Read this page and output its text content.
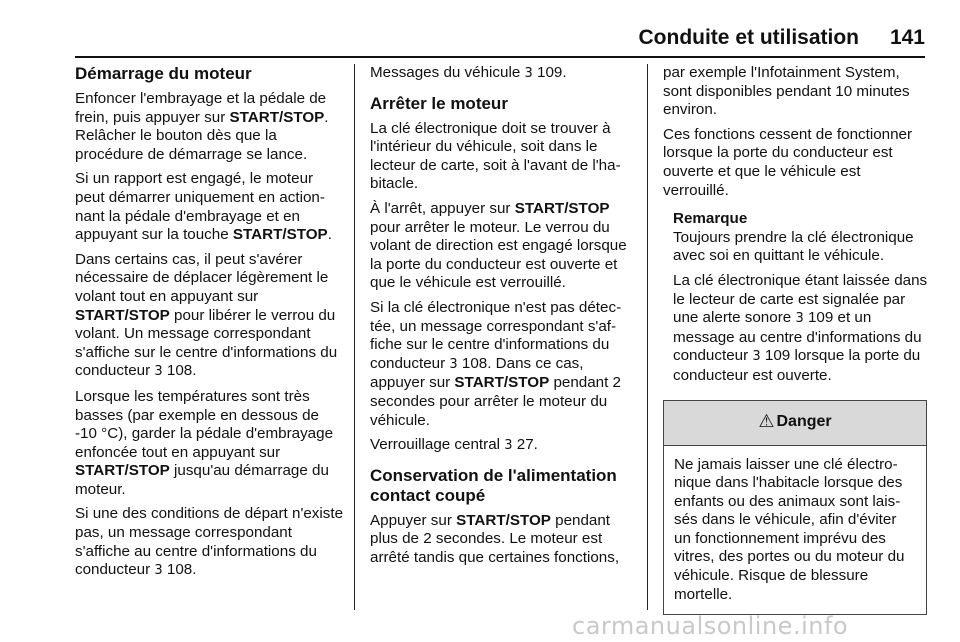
Conduite et utilisation 141
Démarrage du moteur

Enfoncer l'embrayage et la pédale de frein, puis appuyer sur START/STOP. Relâcher le bouton dès que la procédure de démarrage se lance.

Si un rapport est engagé, le moteur peut démarrer uniquement en actionnant la pédale d'embrayage et en appuyant sur la touche START/STOP.

Dans certains cas, il peut s'avérer nécessaire de déplacer légèrement le volant tout en appuyant sur START/STOP pour libérer le verrou du volant. Un message correspondant s'affiche sur le centre d'informations du conducteur 3 108.

Lorsque les températures sont très basses (par exemple en dessous de -10 °C), garder la pédale d'embrayage enfoncée tout en appuyant sur START/STOP jusqu'au démarrage du moteur.

Si une des conditions de départ n'existe pas, un message correspondant s'affiche au centre d'informations du conducteur 3 108.

Messages du véhicule 3 109.

Arrêter le moteur

La clé électronique doit se trouver à l'intérieur du véhicule, soit dans le lecteur de carte, soit à l'avant de l'habitacle.

À l'arrêt, appuyer sur START/STOP pour arrêter le moteur. Le verrou du volant de direction est engagé lorsque la porte du conducteur est ouverte et que le véhicule est verrouillé.

Si la clé électronique n'est pas détectée, un message correspondant s'affiche sur le centre d'informations du conducteur 3 108. Dans ce cas, appuyer sur START/STOP pendant 2 secondes pour arrêter le moteur du véhicule.

Verrouillage central 3 27.

Conservation de l'alimentation contact coupé

Appuyer sur START/STOP pendant plus de 2 secondes. Le moteur est arrêté tandis que certaines fonctions,

par exemple l'Infotainment System, sont disponibles pendant 10 minutes environ.

Ces fonctions cessent de fonctionner lorsque la porte du conducteur est ouverte et que le véhicule est verrouillé.

Remarque

Toujours prendre la clé électronique avec soi en quittant le véhicule.

La clé électronique étant laissée dans le lecteur de carte est signalée par une alerte sonore 3 109 et un message au centre d'informations du conducteur 3 109 lorsque la porte du conducteur est ouverte.

⚠ Danger
Ne jamais laisser une clé électronique dans l'habitacle lorsque des enfants ou des animaux sont laissés dans le véhicule, afin d'éviter un fonctionnement imprévu des vitres, des portes ou du moteur du véhicule. Risque de blessure mortelle.
carmanualsonline.info
